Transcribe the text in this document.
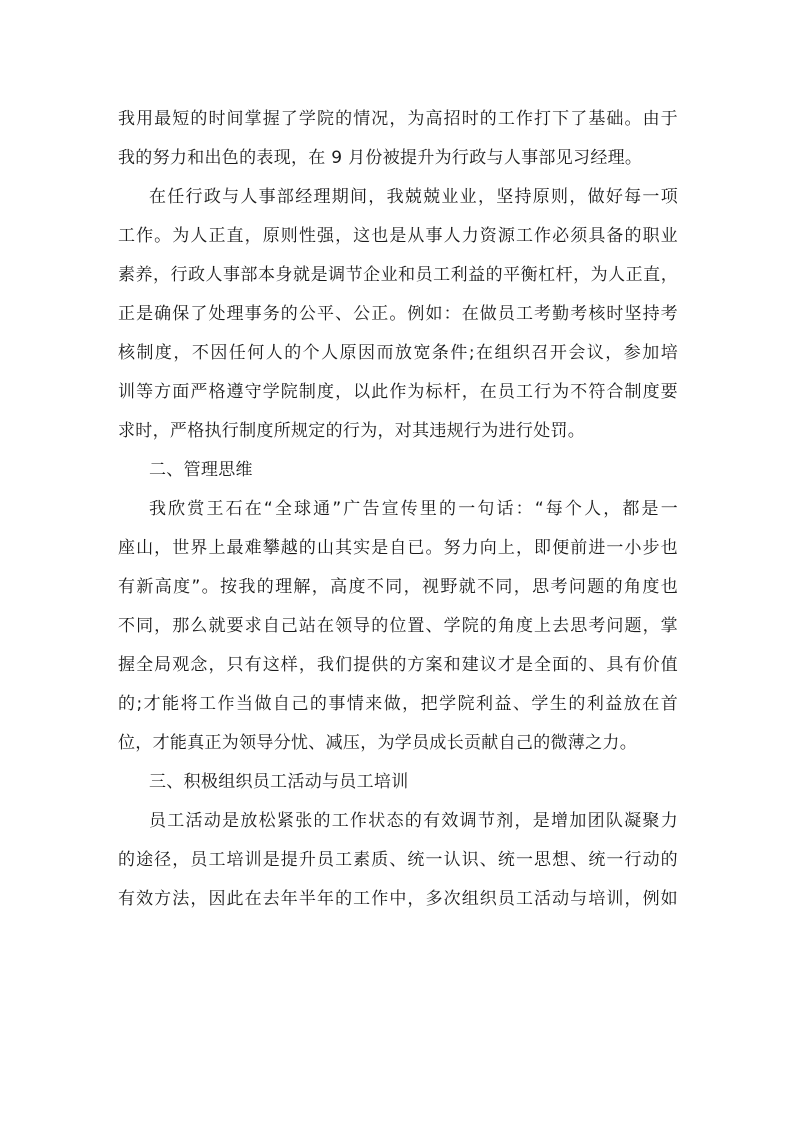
我用最短的时间掌握了学院的情况，为高招时的工作打下了基础。由于
我的努力和出色的表现，在 9 月份被提升为行政与人事部见习经理。
在任行政与人事部经理期间，我兢兢业业，坚持原则，做好每一项
工作。为人正直，原则性强，这也是从事人力资源工作必须具备的职业
素养，行政人事部本身就是调节企业和员工利益的平衡杠杆，为人正直，
正是确保了处理事务的公平、公正。例如：在做员工考勤考核时坚持考
核制度，不因任何人的个人原因而放宽条件;在组织召开会议，参加培
训等方面严格遵守学院制度，以此作为标杆，在员工行为不符合制度要
求时，严格执行制度所规定的行为，对其违规行为进行处罚。
二、管理思维
我欣赏王石在“全球通”广告宣传里的一句话：“每个人，都是一
座山，世界上最难攀越的山其实是自已。努力向上，即便前进一小步也
有新高度”。按我的理解，高度不同，视野就不同，思考问题的角度也
不同，那么就要求自己站在领导的位置、学院的角度上去思考问题，掌
握全局观念，只有这样，我们提供的方案和建议才是全面的、具有价值
的;才能将工作当做自己的事情来做，把学院利益、学生的利益放在首
位，才能真正为领导分忧、减压，为学员成长贡献自己的微薄之力。
三、积极组织员工活动与员工培训
员工活动是放松紧张的工作状态的有效调节剂，是增加团队凝聚力
的途径，员工培训是提升员工素质、统一认识、统一思想、统一行动的
有效方法，因此在去年半年的工作中，多次组织员工活动与培训，例如
